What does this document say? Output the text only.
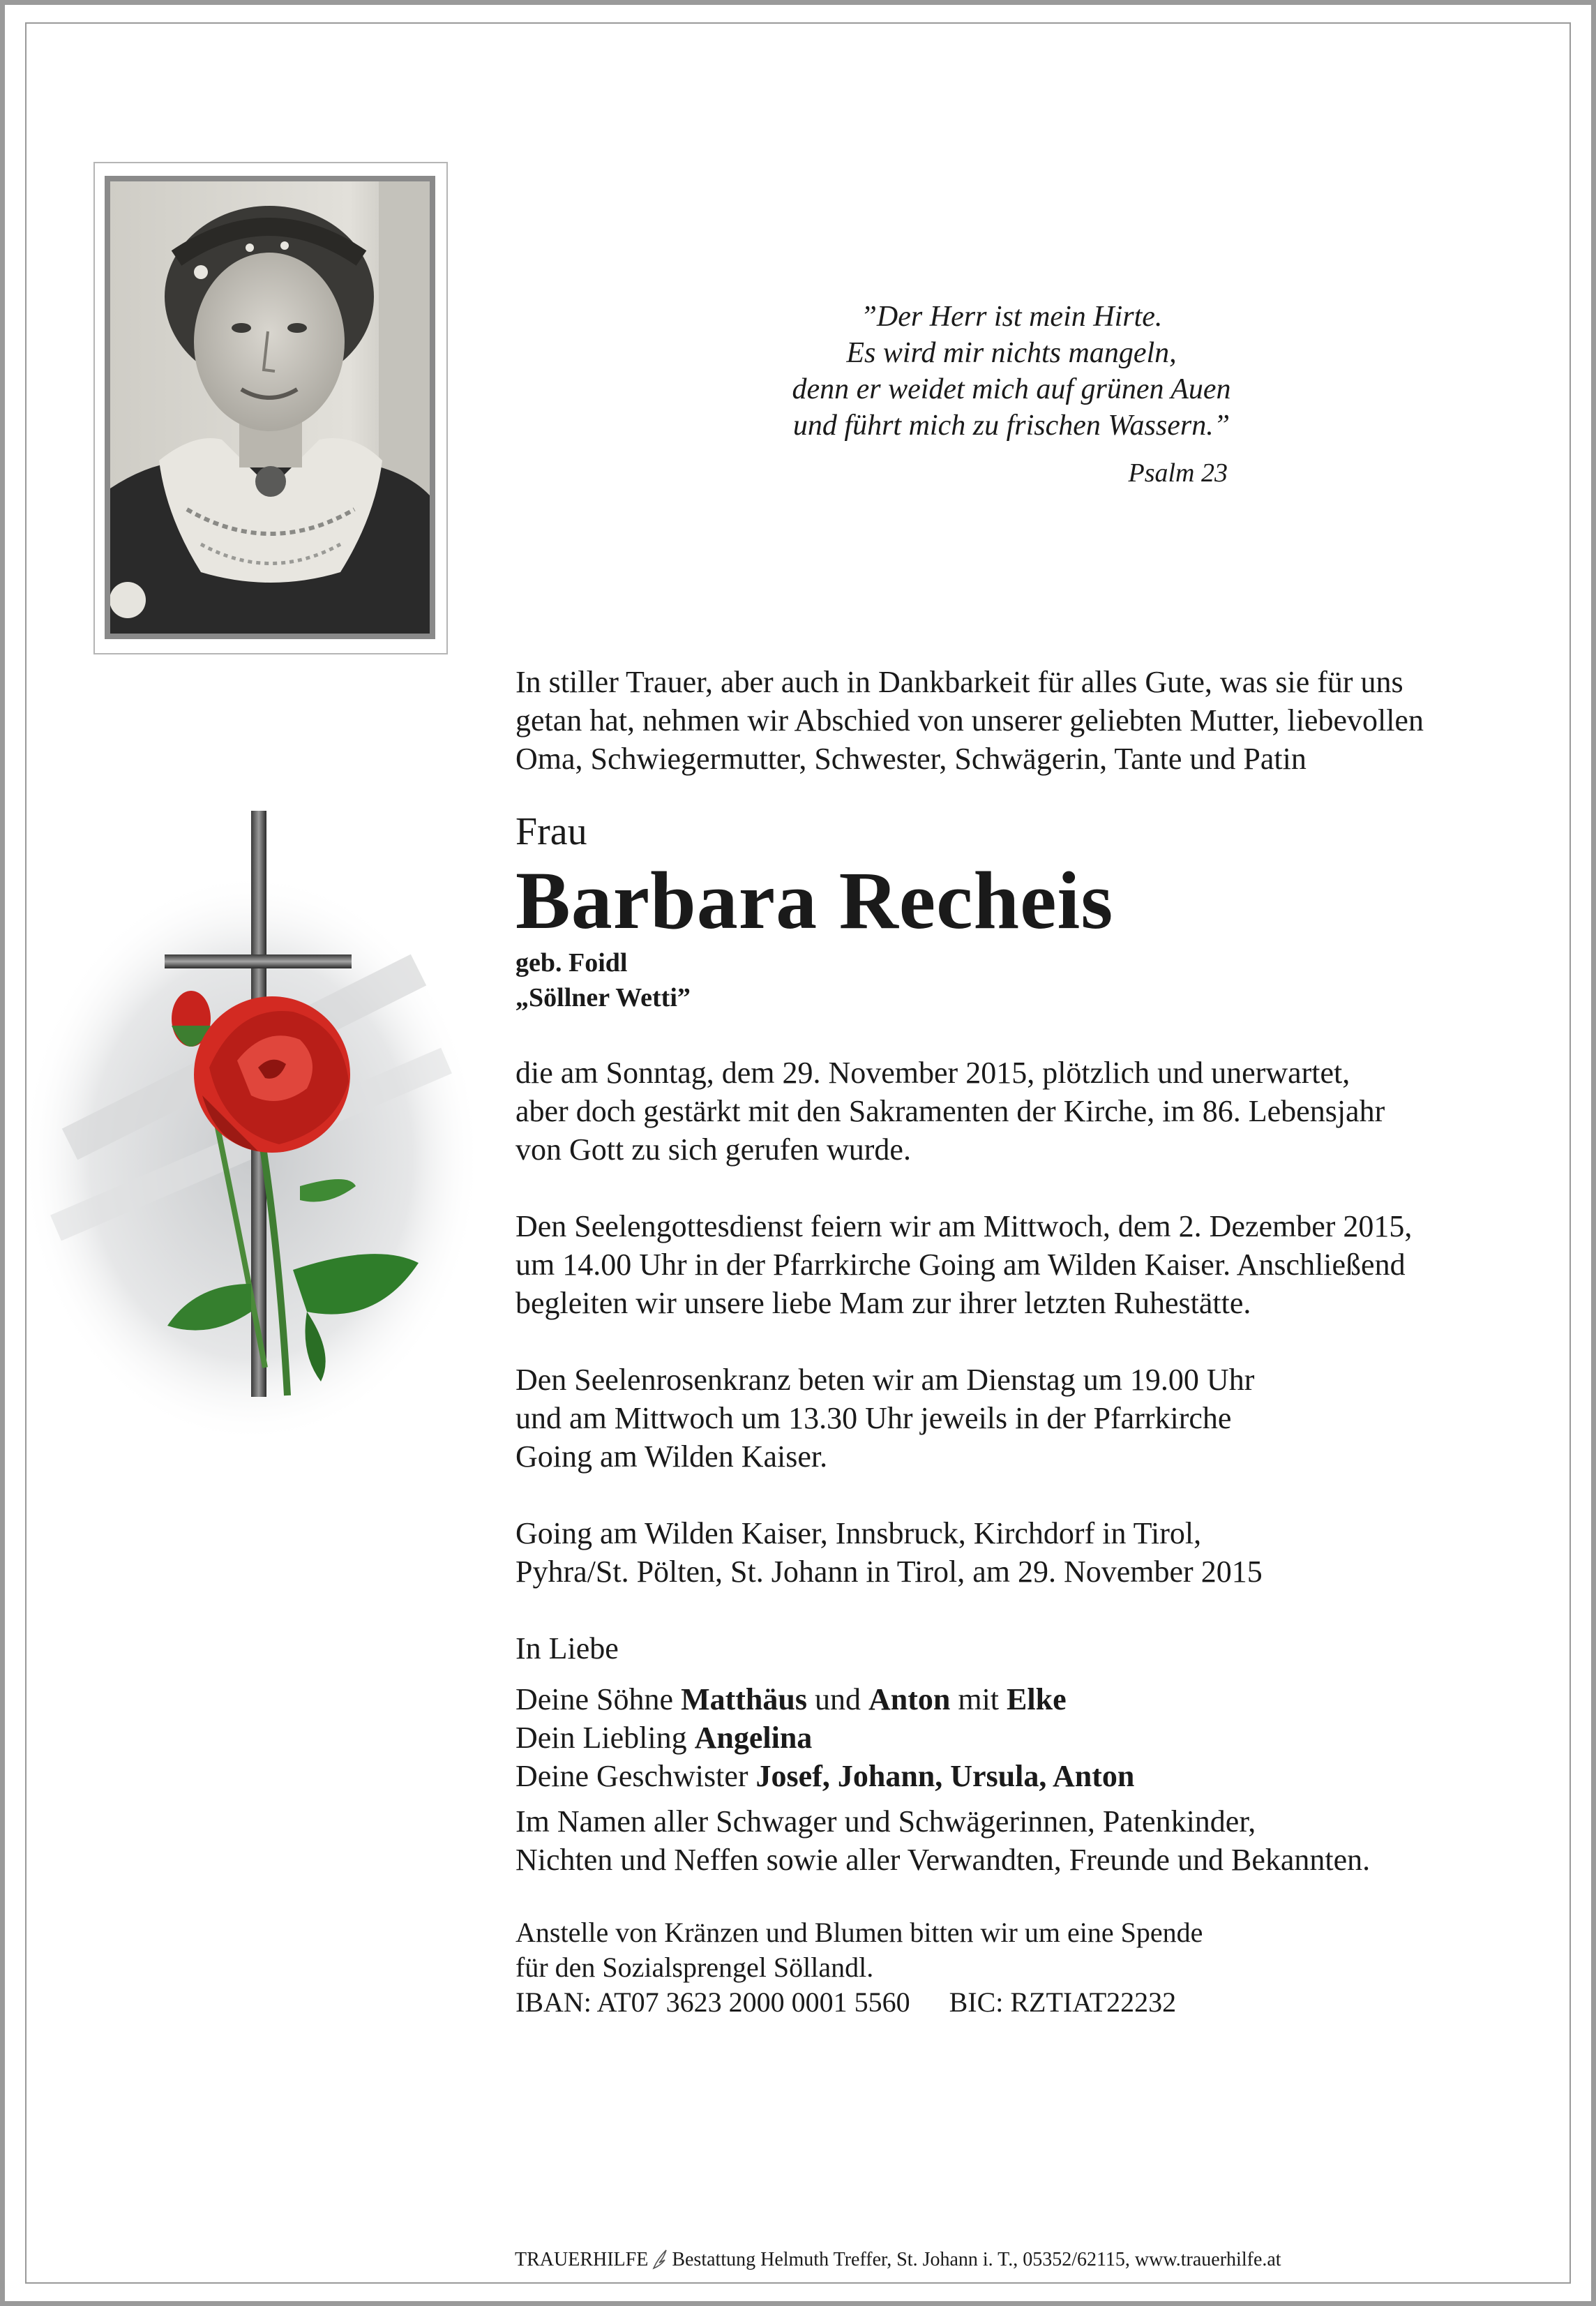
”Der Herr ist mein Hirte.
Es wird mir nichts mangeln,
denn er weidet mich auf grünen Auen
und führt mich zu frischen Wassern.”
Psalm 23
In stiller Trauer, aber auch in Dankbarkeit für alles Gute, was sie für uns
getan hat, nehmen wir Abschied von unserer geliebten Mutter, liebevollen
Oma, Schwiegermutter, Schwester, Schwägerin, Tante und Patin
Frau
Barbara Recheis
geb. Foidl
„Söllner Wetti”
die am Sonntag, dem 29. November 2015, plötzlich und unerwartet,
aber doch gestärkt mit den Sakramenten der Kirche, im 86. Lebensjahr
von Gott zu sich gerufen wurde.
Den Seelengottesdienst feiern wir am Mittwoch, dem 2. Dezember 2015,
um 14.00 Uhr in der Pfarrkirche Going am Wilden Kaiser. Anschließend
begleiten wir unsere liebe Mam zur ihrer letzten Ruhestätte.
Den Seelenrosenkranz beten wir am Dienstag um 19.00 Uhr
und am Mittwoch um 13.30 Uhr jeweils in der Pfarrkirche
Going am Wilden Kaiser.
Going am Wilden Kaiser, Innsbruck, Kirchdorf in Tirol,
Pyhra/St. Pölten, St. Johann in Tirol, am 29. November 2015
In Liebe
Deine Söhne Matthäus und Anton mit Elke
Dein Liebling Angelina
Deine Geschwister Josef, Johann, Ursula, Anton
Im Namen aller Schwager und Schwägerinnen, Patenkinder,
Nichten und Neffen sowie aller Verwandten, Freunde und Bekannten.
Anstelle von Kränzen und Blumen bitten wir um eine Spende
für den Sozialsprengel Söllandl.
IBAN: AT07 3623 2000 0001 5560 BIC: RZTIAT22232
TRAUERHILFE Bestattung Helmuth Treffer, St. Johann i. T., 05352/62115, www.trauerhilfe.at
